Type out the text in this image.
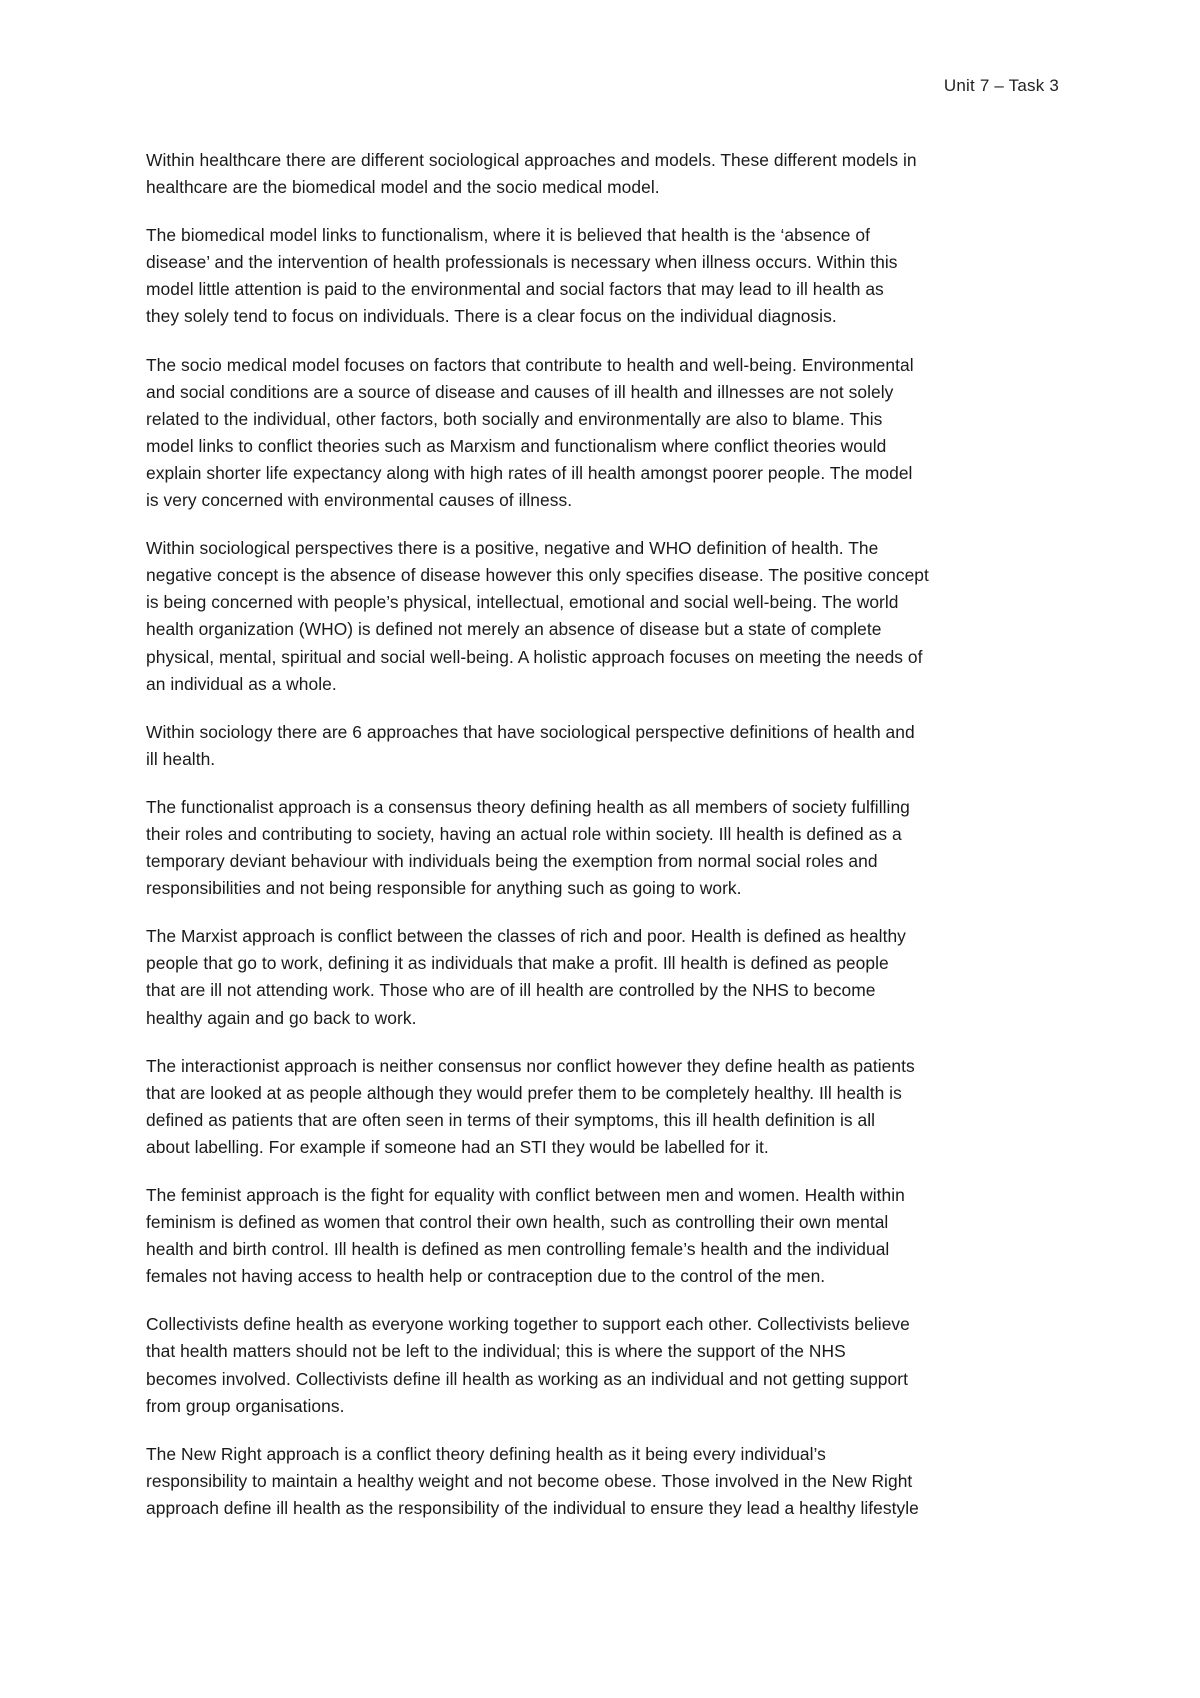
Unit 7 – Task 3

Within healthcare there are different sociological approaches and models. These different models in
healthcare are the biomedical model and the socio medical model.

The biomedical model links to functionalism, where it is believed that health is the ‘absence of
disease’ and the intervention of health professionals is necessary when illness occurs. Within this
model little attention is paid to the environmental and social factors that may lead to ill health as
they solely tend to focus on individuals. There is a clear focus on the individual diagnosis.

The socio medical model focuses on factors that contribute to health and well-being. Environmental
and social conditions are a source of disease and causes of ill health and illnesses are not solely
related to the individual, other factors, both socially and environmentally are also to blame. This
model links to conflict theories such as Marxism and functionalism where conflict theories would
explain shorter life expectancy along with high rates of ill health amongst poorer people. The model
is very concerned with environmental causes of illness.

Within sociological perspectives there is a positive, negative and WHO definition of health. The
negative concept is the absence of disease however this only specifies disease. The positive concept
is being concerned with people’s physical, intellectual, emotional and social well-being. The world
health organization (WHO) is defined not merely an absence of disease but a state of complete
physical, mental, spiritual and social well-being. A holistic approach focuses on meeting the needs of
an individual as a whole.

Within sociology there are 6 approaches that have sociological perspective definitions of health and
ill health.

The functionalist approach is a consensus theory defining health as all members of society fulfilling
their roles and contributing to society, having an actual role within society. Ill health is defined as a
temporary deviant behaviour with individuals being the exemption from normal social roles and
responsibilities and not being responsible for anything such as going to work.

The Marxist approach is conflict between the classes of rich and poor. Health is defined as healthy
people that go to work, defining it as individuals that make a profit. Ill health is defined as people
that are ill not attending work. Those who are of ill health are controlled by the NHS to become
healthy again and go back to work.

The interactionist approach is neither consensus nor conflict however they define health as patients
that are looked at as people although they would prefer them to be completely healthy. Ill health is
defined as patients that are often seen in terms of their symptoms, this ill health definition is all
about labelling. For example if someone had an STI they would be labelled for it.

The feminist approach is the fight for equality with conflict between men and women. Health within
feminism is defined as women that control their own health, such as controlling their own mental
health and birth control. Ill health is defined as men controlling female’s health and the individual
females not having access to health help or contraception due to the control of the men.

Collectivists define health as everyone working together to support each other. Collectivists believe
that health matters should not be left to the individual; this is where the support of the NHS
becomes involved. Collectivists define ill health as working as an individual and not getting support
from group organisations.

The New Right approach is a conflict theory defining health as it being every individual’s
responsibility to maintain a healthy weight and not become obese. Those involved in the New Right
approach define ill health as the responsibility of the individual to ensure they lead a healthy lifestyle
